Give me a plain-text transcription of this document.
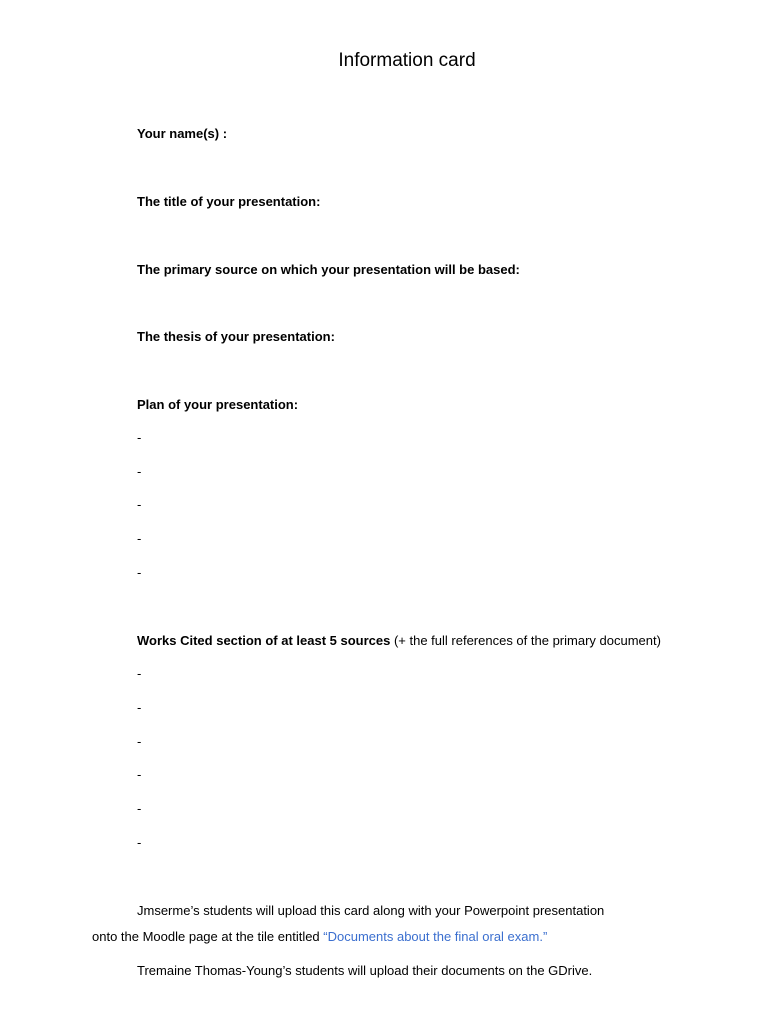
Information card
Your name(s) :
The title of your presentation:
The primary source on which your presentation will be based:
The thesis of your presentation:
Plan of your presentation:
-
-
-
-
-
Works Cited section of at least 5 sources (+ the full references of the primary document)
-
-
-
-
-
-
Jmserme’s students will upload this card along with your Powerpoint presentation
onto the Moodle page at the tile entitled “Documents about the final oral exam.”
Tremaine Thomas-Young’s students will upload their documents on the GDrive.
